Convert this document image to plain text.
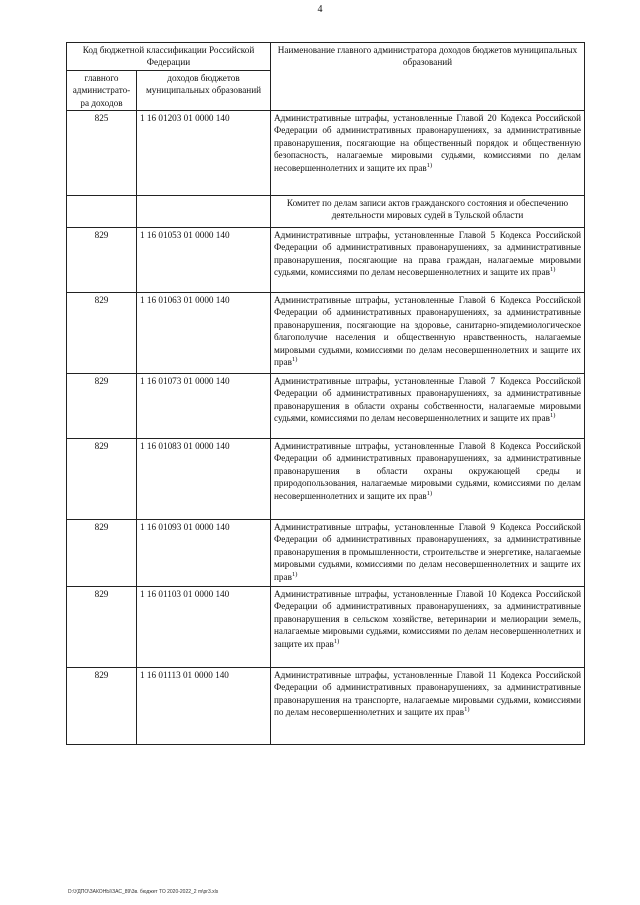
4
Код бюджетной классификации Российской Федерации		Наименование главного администратора доходов бюджетов муниципальных образований
главного администрато-ра доходов	доходов бюджетов муниципальных образований	
825	1 16 01203 01 0000 140	Административные штрафы, установленные Главой 20 Кодекса Российской Федерации об административных правонарушениях, за административные правонарушения, посягающие на общественный порядок и общественную безопасность, налагаемые мировыми судьями, комиссиями по делам несовершеннолетних и защите их прав$^{1)}$
		Комитет по делам записи актов гражданского состояния и обеспечению деятельности мировых судей в Тульской области
829	1 16 01053 01 0000 140	Административные штрафы, установленные Главой 5 Кодекса Российской Федерации об административных правонарушениях, за административные правонарушения, посягающие на права граждан, налагаемые мировыми судьями, комиссиями по делам несовершеннолетних и защите их прав$^{1)}$
829	1 16 01063 01 0000 140	Административные штрафы, установленные Главой 6 Кодекса Российской Федерации об административных правонарушениях, за административные правонарушения, посягающие на здоровье, санитарно-эпидемиологическое благополучие населения и общественную нравственность, налагаемые мировыми судьями, комиссиями по делам несовершеннолетних и защите их прав$^{1)}$
829	1 16 01073 01 0000 140	Административные штрафы, установленные Главой 7 Кодекса Российской Федерации об административных правонарушениях, за административные правонарушения в области охраны собственности, налагаемые мировыми судьями, комиссиями по делам несовершеннолетних и защите их прав$^{1)}$
829	1 16 01083 01 0000 140	Административные штрафы, установленные Главой 8 Кодекса Российской Федерации об административных правонарушениях, за административные правонарушения в области охраны окружающей среды и природопользования, налагаемые мировыми судьями, комиссиями по делам несовершеннолетних и защите их прав$^{1)}$
829	1 16 01093 01 0000 140	Административные штрафы, установленные Главой 9 Кодекса Российской Федерации об административных правонарушениях, за административные правонарушения в промышленности, строительстве и энергетике, налагаемые мировыми судьями, комиссиями по делам несовершеннолетних и защите их прав$^{1)}$
829	1 16 01103 01 0000 140	Административные штрафы, установленные Главой 10 Кодекса Российской Федерации об административных правонарушениях, за административные правонарушения в сельском хозяйстве, ветеринарии и мелиорации земель, налагаемые мировыми судьями, комиссиями по делам несовершеннолетних и защите их прав$^{1)}$
829	1 16 01113 01 0000 140	Административные штрафы, установленные Главой 11 Кодекса Российской Федерации об административных правонарушениях, за административные правонарушения на транспорте, налагаемые мировыми судьями, комиссиями по делам несовершеннолетних и защите их прав$^{1)}$
D:\УДПО\ЗАКОНЫ\ЗАС_89\3в. бюджет ТО 2020-2022_2 m\pr3.xls
